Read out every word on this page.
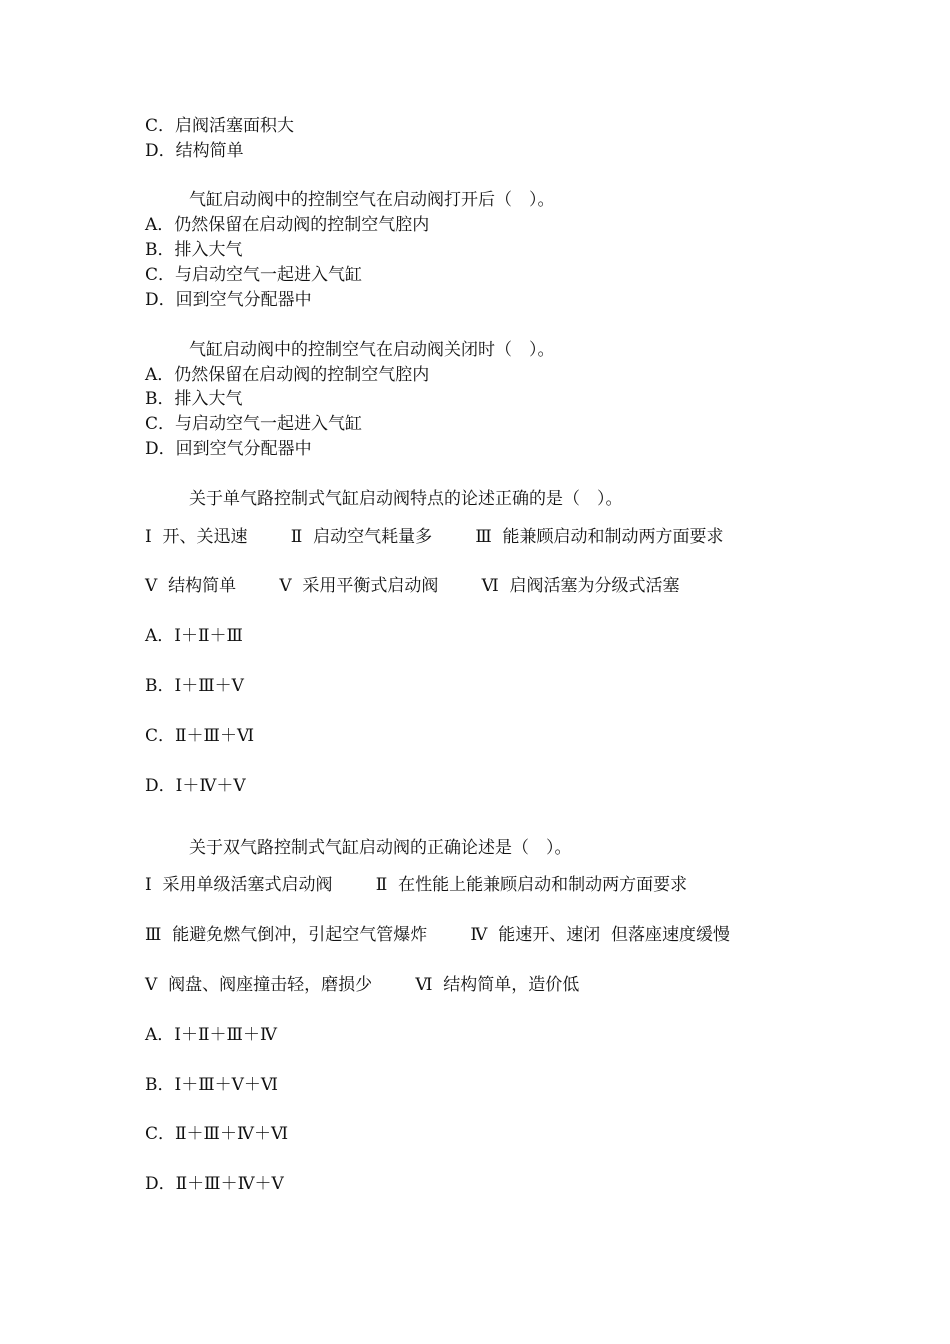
C．启阀活塞面积大
D．结构简单
气缸启动阀中的控制空气在启动阀打开后（　）。
A．仍然保留在启动阀的控制空气腔内
B．排入大气
C．与启动空气一起进入气缸
D．回到空气分配器中
气缸启动阀中的控制空气在启动阀关闭时（　）。
A．仍然保留在启动阀的控制空气腔内
B．排入大气
C．与启动空气一起进入气缸
D．回到空气分配器中
关于单气路控制式气缸启动阀特点的论述正确的是（　）。
Ⅰ  开、关迅速        Ⅱ  启动空气耗量多        Ⅲ  能兼顾启动和制动两方面要求
Ⅴ  结构简单        Ⅴ  采用平衡式启动阀        Ⅵ  启阀活塞为分级式活塞
A．Ⅰ＋Ⅱ＋Ⅲ
B．Ⅰ＋Ⅲ＋Ⅴ
C．Ⅱ＋Ⅲ＋Ⅵ
D．Ⅰ＋Ⅳ＋Ⅴ
关于双气路控制式气缸启动阀的正确论述是（　）。
Ⅰ  采用单级活塞式启动阀        Ⅱ  在性能上能兼顾启动和制动两方面要求
Ⅲ  能避免燃气倒冲，引起空气管爆炸        Ⅳ  能速开、速闭  但落座速度缓慢
Ⅴ  阀盘、阀座撞击轻，磨损少        Ⅵ  结构简单，造价低
A．Ⅰ＋Ⅱ＋Ⅲ＋Ⅳ
B．Ⅰ＋Ⅲ＋Ⅴ＋Ⅵ
C．Ⅱ＋Ⅲ＋Ⅳ＋Ⅵ
D．Ⅱ＋Ⅲ＋Ⅳ＋Ⅴ
